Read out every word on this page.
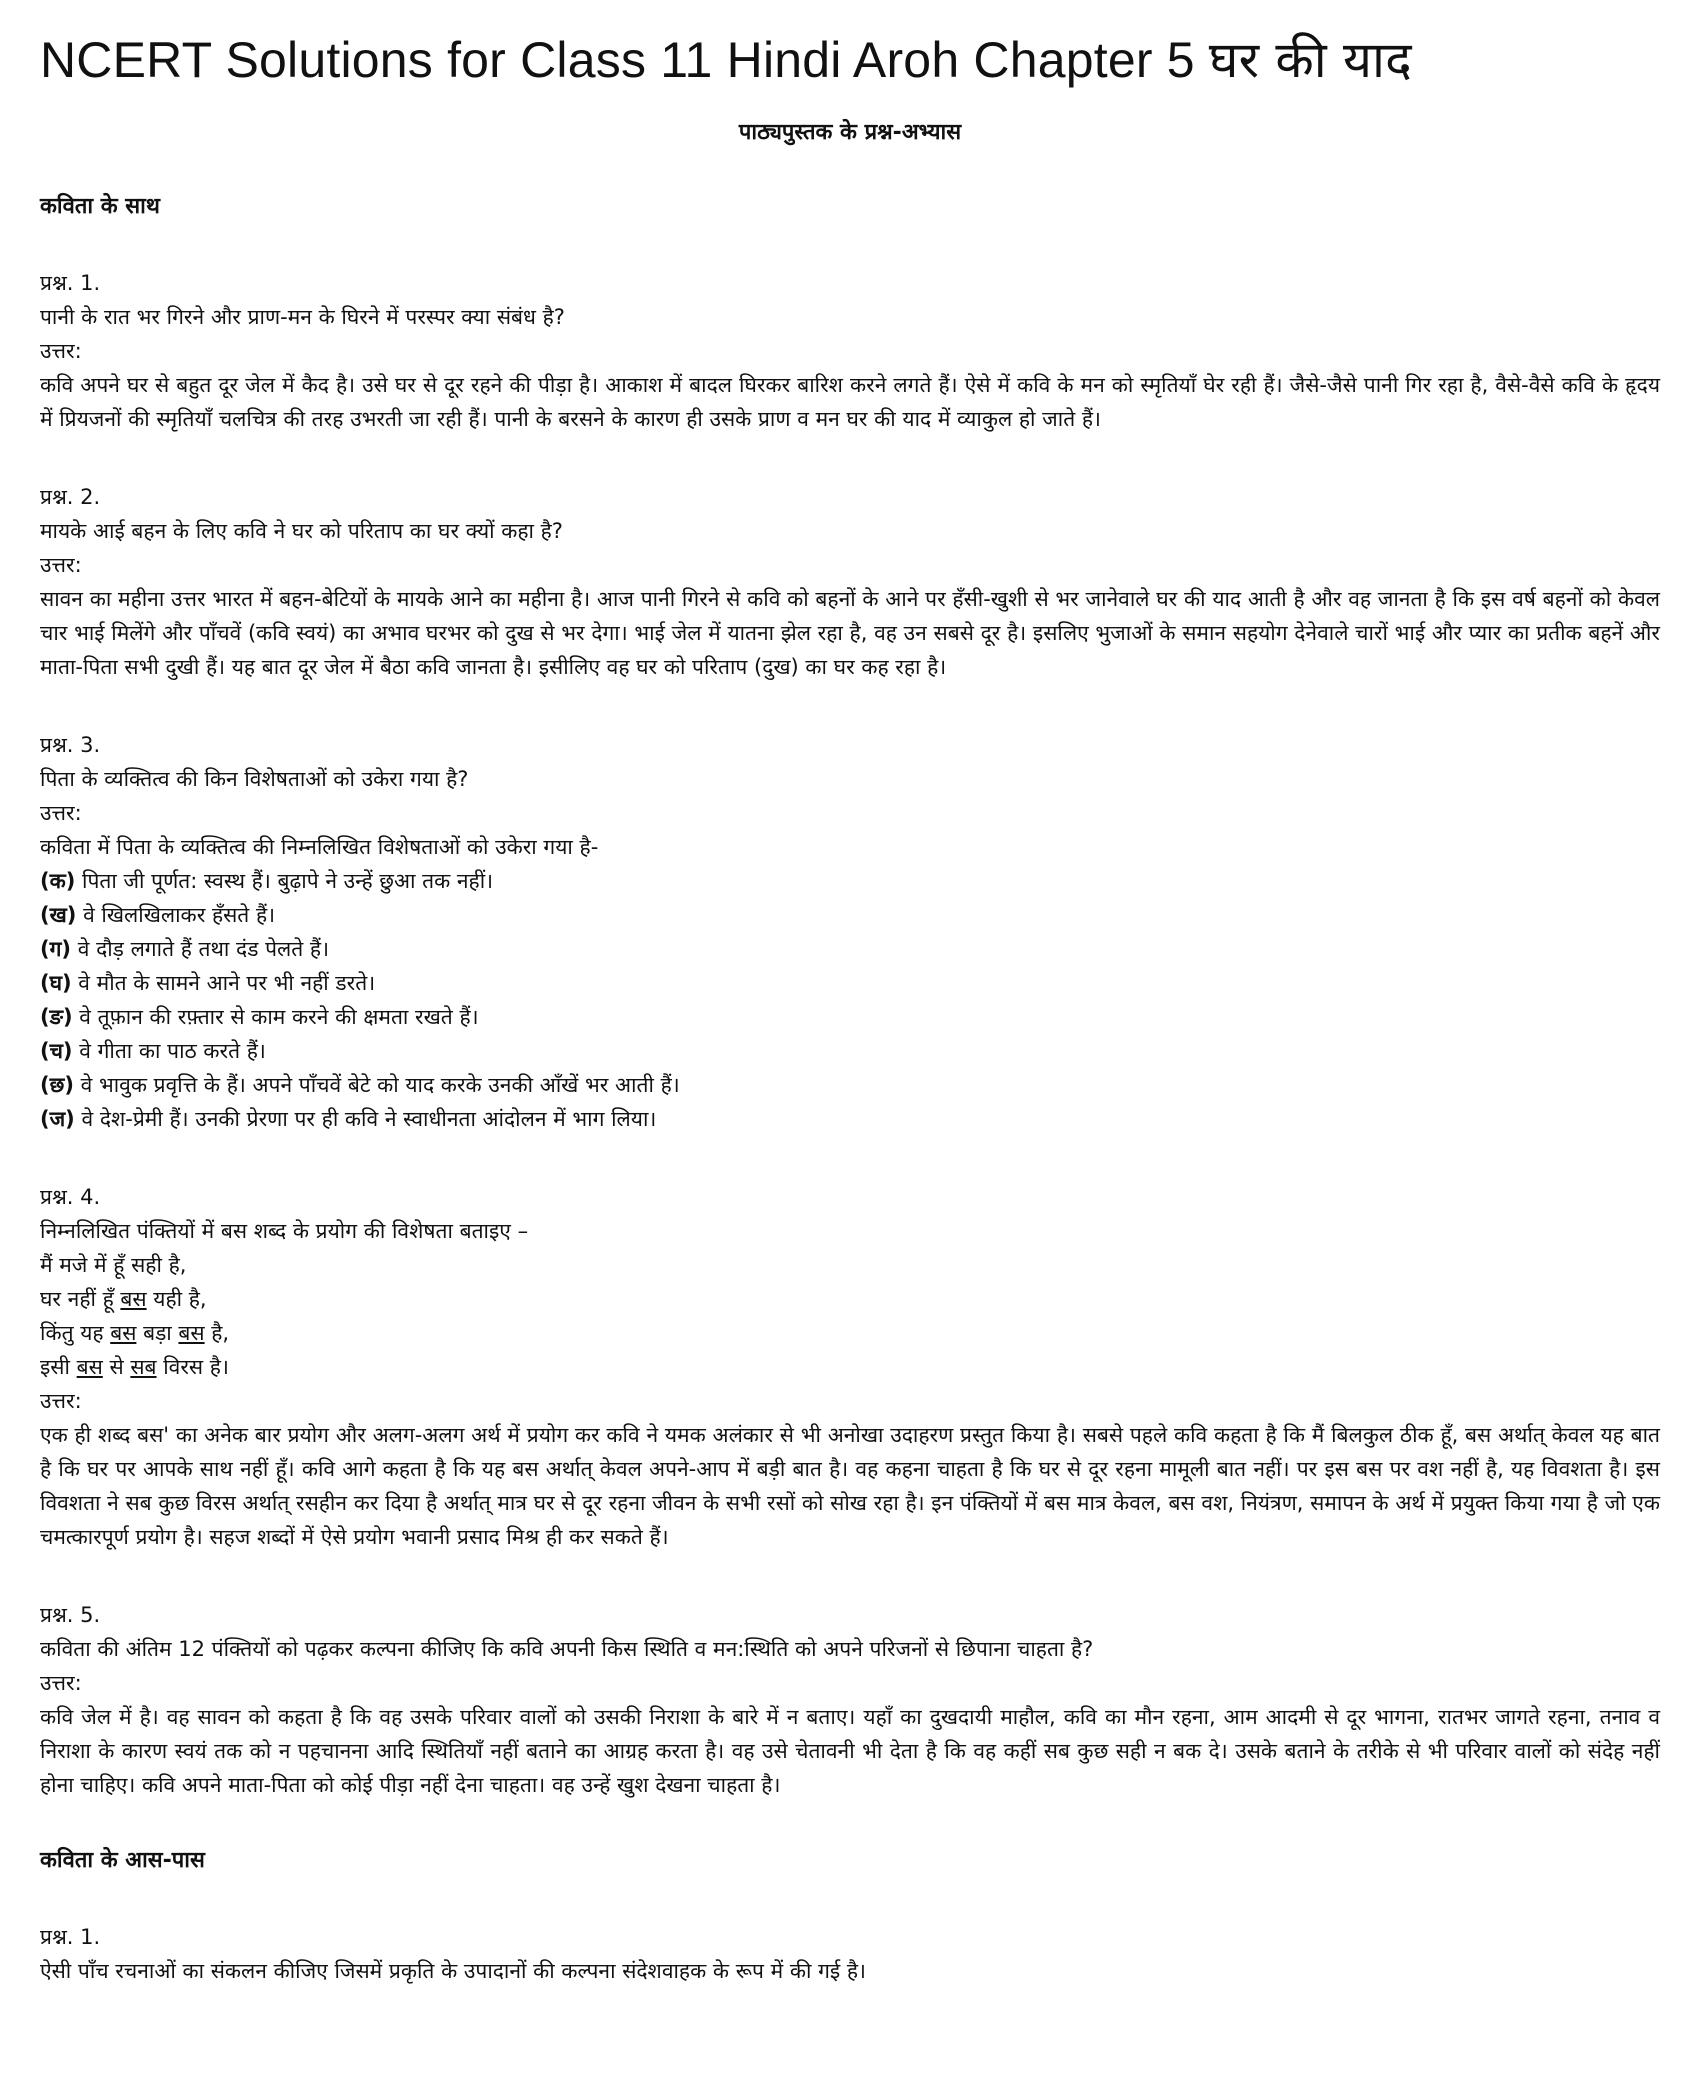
NCERT Solutions for Class 11 Hindi Aroh Chapter 5 घर की याद
पाठ्यपुस्तक के प्रश्न-अभ्यास
कविता के साथ
प्रश्न. 1.
पानी के रात भर गिरने और प्राण-मन के घिरने में परस्पर क्या संबंध है?
उत्तर:
कवि अपने घर से बहुत दूर जेल में कैद है। उसे घर से दूर रहने की पीड़ा है। आकाश में बादल घिरकर बारिश करने लगते हैं। ऐसे में कवि के मन को स्मृतियाँ घेर रही हैं। जैसे-जैसे पानी गिर रहा है, वैसे-वैसे कवि के हृदय में प्रियजनों की स्मृतियाँ चलचित्र की तरह उभरती जा रही हैं। पानी के बरसने के कारण ही उसके प्राण व मन घर की याद में व्याकुल हो जाते हैं।
प्रश्न. 2.
मायके आई बहन के लिए कवि ने घर को परिताप का घर क्यों कहा है?
उत्तर:
सावन का महीना उत्तर भारत में बहन-बेटियों के मायके आने का महीना है। आज पानी गिरने से कवि को बहनों के आने पर हँसी-खुशी से भर जानेवाले घर की याद आती है और वह जानता है कि इस वर्ष बहनों को केवल चार भाई मिलेंगे और पाँचवें (कवि स्वयं) का अभाव घरभर को दुख से भर देगा। भाई जेल में यातना झेल रहा है, वह उन सबसे दूर है। इसलिए भुजाओं के समान सहयोग देनेवाले चारों भाई और प्यार का प्रतीक बहनें और माता-पिता सभी दुखी हैं। यह बात दूर जेल में बैठा कवि जानता है। इसीलिए वह घर को परिताप (दुख) का घर कह रहा है।
प्रश्न. 3.
पिता के व्यक्तित्व की किन विशेषताओं को उकेरा गया है?
उत्तर:
कविता में पिता के व्यक्तित्व की निम्नलिखित विशेषताओं को उकेरा गया है-
(क) पिता जी पूर्णत: स्वस्थ हैं। बुढ़ापे ने उन्हें छुआ तक नहीं।
(ख) वे खिलखिलाकर हँसते हैं।
(ग) वे दौड़ लगाते हैं तथा दंड पेलते हैं।
(घ) वे मौत के सामने आने पर भी नहीं डरते।
(ङ) वे तूफ़ान की रफ़्तार से काम करने की क्षमता रखते हैं।
(च) वे गीता का पाठ करते हैं।
(छ) वे भावुक प्रवृत्ति के हैं। अपने पाँचवें बेटे को याद करके उनकी आँखें भर आती हैं।
(ज) वे देश-प्रेमी हैं। उनकी प्रेरणा पर ही कवि ने स्वाधीनता आंदोलन में भाग लिया।
प्रश्न. 4.
निम्नलिखित पंक्तियों में बस शब्द के प्रयोग की विशेषता बताइए –
मैं मजे में हूँ सही है,
घर नहीं हूँ बस यही है,
किंतु यह बस बड़ा बस है,
इसी बस से सब विरस है।
उत्तर:
एक ही शब्द बस' का अनेक बार प्रयोग और अलग-अलग अर्थ में प्रयोग कर कवि ने यमक अलंकार से भी अनोखा उदाहरण प्रस्तुत किया है। सबसे पहले कवि कहता है कि मैं बिलकुल ठीक हूँ, बस अर्थात् केवल यह बात है कि घर पर आपके साथ नहीं हूँ। कवि आगे कहता है कि यह बस अर्थात् केवल अपने-आप में बड़ी बात है। वह कहना चाहता है कि घर से दूर रहना मामूली बात नहीं। पर इस बस पर वश नहीं है, यह विवशता है। इस विवशता ने सब कुछ विरस अर्थात् रसहीन कर दिया है अर्थात् मात्र घर से दूर रहना जीवन के सभी रसों को सोख रहा है। इन पंक्तियों में बस मात्र केवल, बस वश, नियंत्रण, समापन के अर्थ में प्रयुक्त किया गया है जो एक चमत्कारपूर्ण प्रयोग है। सहज शब्दों में ऐसे प्रयोग भवानी प्रसाद मिश्र ही कर सकते हैं।
प्रश्न. 5.
कविता की अंतिम 12 पंक्तियों को पढ़कर कल्पना कीजिए कि कवि अपनी किस स्थिति व मन:स्थिति को अपने परिजनों से छिपाना चाहता है?
उत्तर:
कवि जेल में है। वह सावन को कहता है कि वह उसके परिवार वालों को उसकी निराशा के बारे में न बताए। यहाँ का दुखदायी माहौल, कवि का मौन रहना, आम आदमी से दूर भागना, रातभर जागते रहना, तनाव व निराशा के कारण स्वयं तक को न पहचानना आदि स्थितियाँ नहीं बताने का आग्रह करता है। वह उसे चेतावनी भी देता है कि वह कहीं सब कुछ सही न बक दे। उसके बताने के तरीके से भी परिवार वालों को संदेह नहीं होना चाहिए। कवि अपने माता-पिता को कोई पीड़ा नहीं देना चाहता। वह उन्हें खुश देखना चाहता है।
कविता के आस-पास
प्रश्न. 1.
ऐसी पाँच रचनाओं का संकलन कीजिए जिसमें प्रकृति के उपादानों की कल्पना संदेशवाहक के रूप में की गई है।
